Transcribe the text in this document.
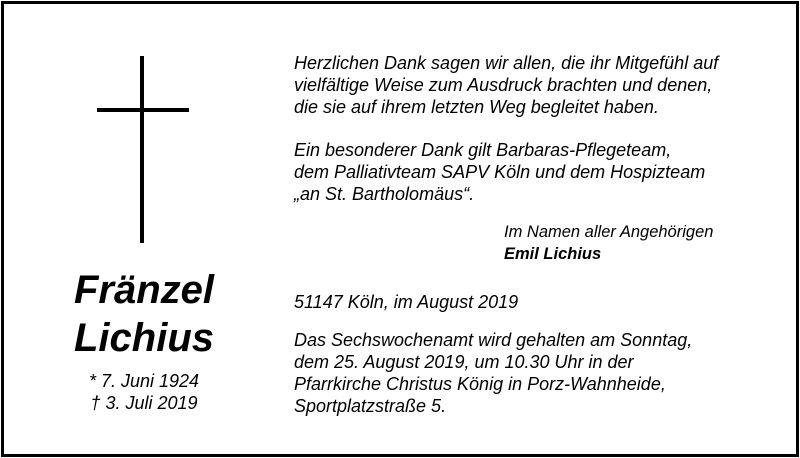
Fränzel
Lichius
* 7. Juni 1924
† 3. Juli 2019
Herzlichen Dank sagen wir allen, die ihr Mitgefühl auf
vielfältige Weise zum Ausdruck brachten und denen,
die sie auf ihrem letzten Weg begleitet haben.
Ein besonderer Dank gilt Barbaras-Pflegeteam,
dem Palliativteam SAPV Köln und dem Hospizteam
„an St. Bartholomäus“.
Im Namen aller Angehörigen
Emil Lichius
51147 Köln, im August 2019
Das Sechswochenamt wird gehalten am Sonntag,
dem 25. August 2019, um 10.30 Uhr in der
Pfarrkirche Christus König in Porz-Wahnheide,
Sportplatzstraße 5.
